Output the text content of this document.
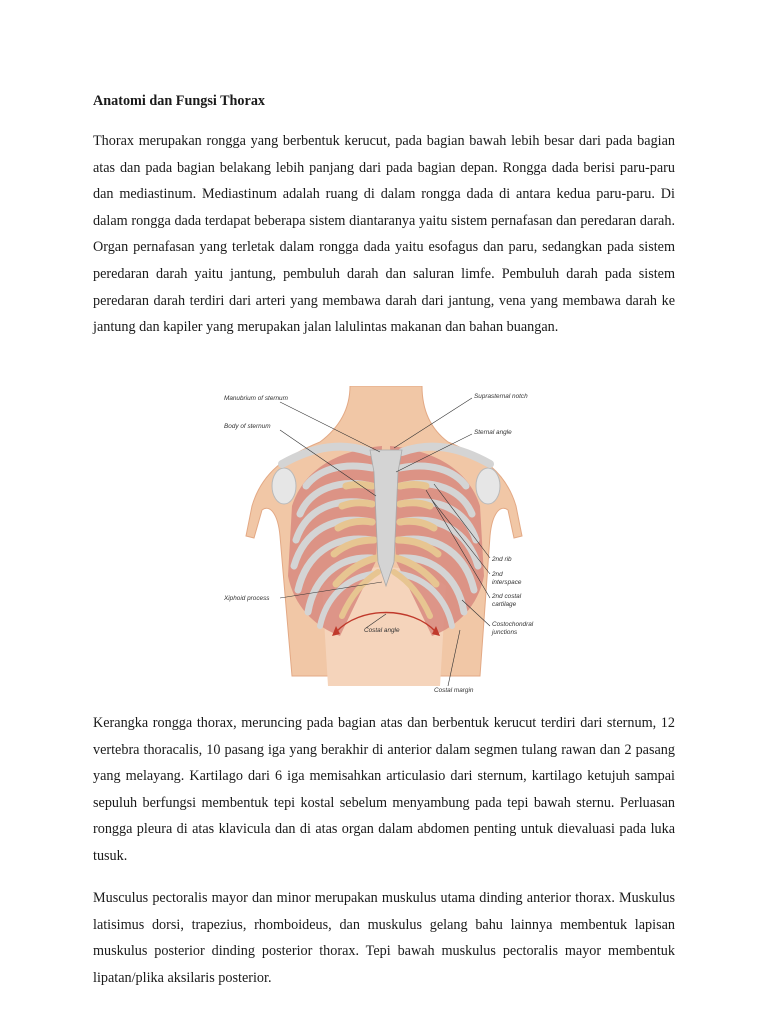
Anatomi dan Fungsi Thorax

Thorax merupakan rongga yang berbentuk kerucut, pada bagian bawah lebih besar dari pada bagian atas dan pada bagian belakang lebih panjang dari pada bagian depan. Rongga dada berisi paru-paru dan mediastinum. Mediastinum adalah ruang di dalam rongga dada di antara kedua paru-paru. Di dalam rongga dada terdapat beberapa sistem diantaranya yaitu sistem pernafasan dan peredaran darah. Organ pernafasan yang terletak dalam rongga dada yaitu esofagus dan paru, sedangkan pada sistem peredaran darah yaitu jantung, pembuluh darah dan saluran limfe. Pembuluh darah pada sistem peredaran darah terdiri dari arteri yang membawa darah dari jantung, vena yang membawa darah ke jantung dan kapiler yang merupakan jalan lalulintas makanan dan bahan buangan.

Manubrium of sternum
Body of sternum
Suprasternal notch
Sternal angle
2nd rib
2nd
interspace
2nd costal
cartilage
Costochondral
junctions
Xiphoid process
Costal angle
Costal margin

Kerangka rongga thorax, meruncing pada bagian atas dan berbentuk kerucut terdiri dari sternum, 12 vertebra thoracalis, 10 pasang iga yang berakhir di anterior dalam segmen tulang rawan dan 2 pasang yang melayang. Kartilago dari 6 iga memisahkan articulasio dari sternum, kartilago ketujuh sampai sepuluh berfungsi membentuk tepi kostal sebelum menyambung pada tepi bawah sternu. Perluasan rongga pleura di atas klavicula dan di atas organ dalam abdomen penting untuk dievaluasi pada luka tusuk.

Musculus pectoralis mayor dan minor merupakan muskulus utama dinding anterior thorax. Muskulus latisimus dorsi, trapezius, rhomboideus, dan muskulus gelang bahu lainnya membentuk lapisan muskulus posterior dinding posterior thorax. Tepi bawah muskulus pectoralis mayor membentuk lipatan/plika aksilaris posterior.
